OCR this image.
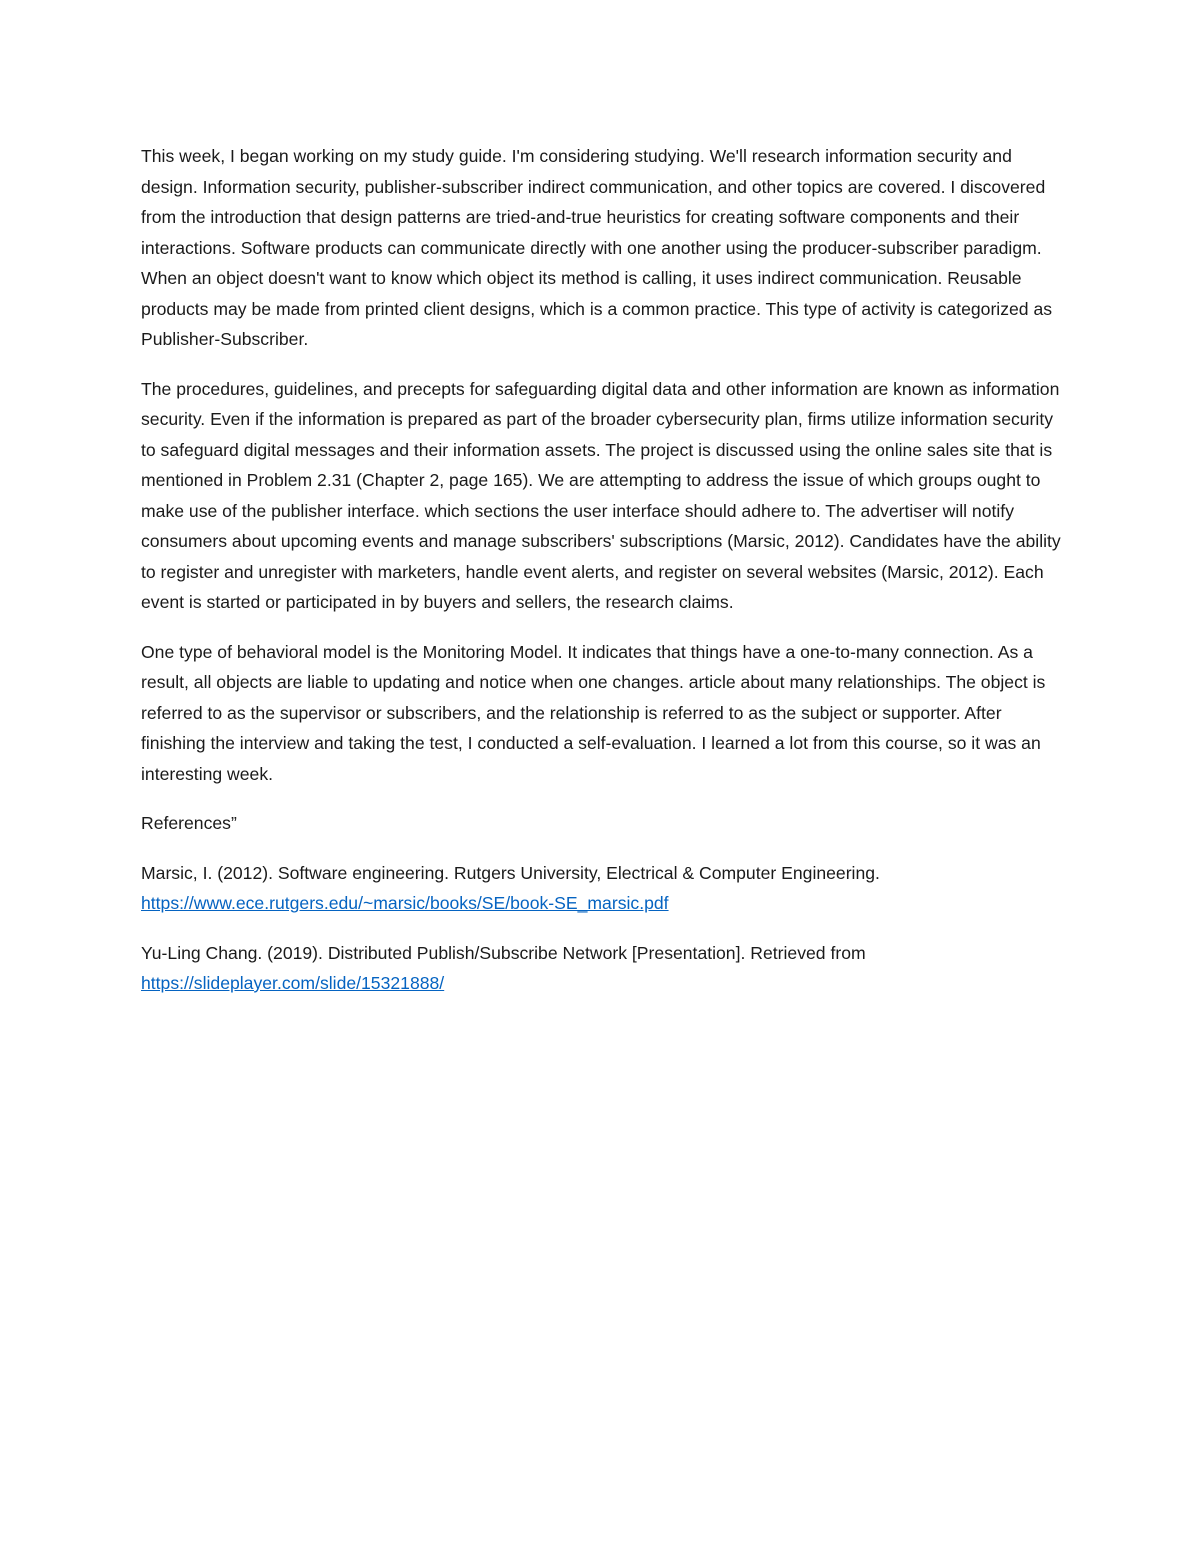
This week, I began working on my study guide. I'm considering studying. We'll research information security and design. Information security, publisher-subscriber indirect communication, and other topics are covered. I discovered from the introduction that design patterns are tried-and-true heuristics for creating software components and their interactions. Software products can communicate directly with one another using the producer-subscriber paradigm. When an object doesn't want to know which object its method is calling, it uses indirect communication. Reusable products may be made from printed client designs, which is a common practice. This type of activity is categorized as Publisher-Subscriber.

The procedures, guidelines, and precepts for safeguarding digital data and other information are known as information security. Even if the information is prepared as part of the broader cybersecurity plan, firms utilize information security to safeguard digital messages and their information assets. The project is discussed using the online sales site that is mentioned in Problem 2.31 (Chapter 2, page 165). We are attempting to address the issue of which groups ought to make use of the publisher interface. which sections the user interface should adhere to. The advertiser will notify consumers about upcoming events and manage subscribers' subscriptions (Marsic, 2012). Candidates have the ability to register and unregister with marketers, handle event alerts, and register on several websites (Marsic, 2012). Each event is started or participated in by buyers and sellers, the research claims.

One type of behavioral model is the Monitoring Model. It indicates that things have a one-to-many connection. As a result, all objects are liable to updating and notice when one changes. article about many relationships. The object is referred to as the supervisor or subscribers, and the relationship is referred to as the subject or supporter. After finishing the interview and taking the test, I conducted a self-evaluation. I learned a lot from this course, so it was an interesting week.

References”

Marsic, I. (2012). Software engineering. Rutgers University, Electrical & Computer Engineering.
https://www.ece.rutgers.edu/~marsic/books/SE/book-SE_marsic.pdf

Yu-Ling Chang. (2019). Distributed Publish/Subscribe Network [Presentation]. Retrieved from
https://slideplayer.com/slide/15321888/
